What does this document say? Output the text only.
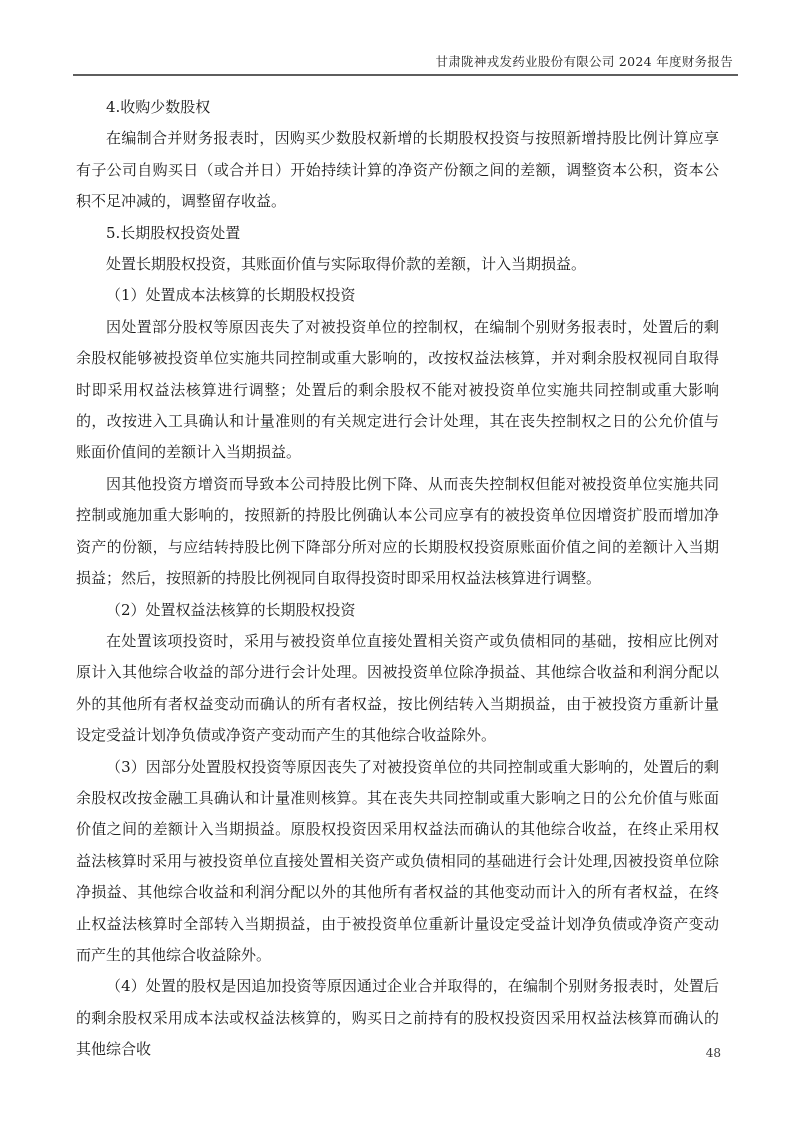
甘肃陇神戎发药业股份有限公司 2024 年度财务报告

4.收购少数股权

在编制合并财务报表时，因购买少数股权新增的长期股权投资与按照新增持股比例计算应享有子公司自购买日（或合并日）开始持续计算的净资产份额之间的差额，调整资本公积，资本公积不足冲减的，调整留存收益。

5.长期股权投资处置

处置长期股权投资，其账面价值与实际取得价款的差额，计入当期损益。

（1）处置成本法核算的长期股权投资

因处置部分股权等原因丧失了对被投资单位的控制权，在编制个别财务报表时，处置后的剩余股权能够被投资单位实施共同控制或重大影响的，改按权益法核算，并对剩余股权视同自取得时即采用权益法核算进行调整；处置后的剩余股权不能对被投资单位实施共同控制或重大影响的，改按进入工具确认和计量准则的有关规定进行会计处理，其在丧失控制权之日的公允价值与账面价值间的差额计入当期损益。

因其他投资方增资而导致本公司持股比例下降、从而丧失控制权但能对被投资单位实施共同控制或施加重大影响的，按照新的持股比例确认本公司应享有的被投资单位因增资扩股而增加净资产的份额，与应结转持股比例下降部分所对应的长期股权投资原账面价值之间的差额计入当期损益；然后，按照新的持股比例视同自取得投资时即采用权益法核算进行调整。

（2）处置权益法核算的长期股权投资

在处置该项投资时，采用与被投资单位直接处置相关资产或负债相同的基础，按相应比例对原计入其他综合收益的部分进行会计处理。因被投资单位除净损益、其他综合收益和利润分配以外的其他所有者权益变动而确认的所有者权益，按比例结转入当期损益，由于被投资方重新计量设定受益计划净负债或净资产变动而产生的其他综合收益除外。

（3）因部分处置股权投资等原因丧失了对被投资单位的共同控制或重大影响的，处置后的剩余股权改按金融工具确认和计量准则核算。其在丧失共同控制或重大影响之日的公允价值与账面价值之间的差额计入当期损益。原股权投资因采用权益法而确认的其他综合收益，在终止采用权益法核算时采用与被投资单位直接处置相关资产或负债相同的基础进行会计处理,因被投资单位除净损益、其他综合收益和利润分配以外的其他所有者权益的其他变动而计入的所有者权益，在终止权益法核算时全部转入当期损益，由于被投资单位重新计量设定受益计划净负债或净资产变动而产生的其他综合收益除外。

（4）处置的股权是因追加投资等原因通过企业合并取得的，在编制个别财务报表时，处置后的剩余股权采用成本法或权益法核算的，购买日之前持有的股权投资因采用权益法核算而确认的其他综合收	48
